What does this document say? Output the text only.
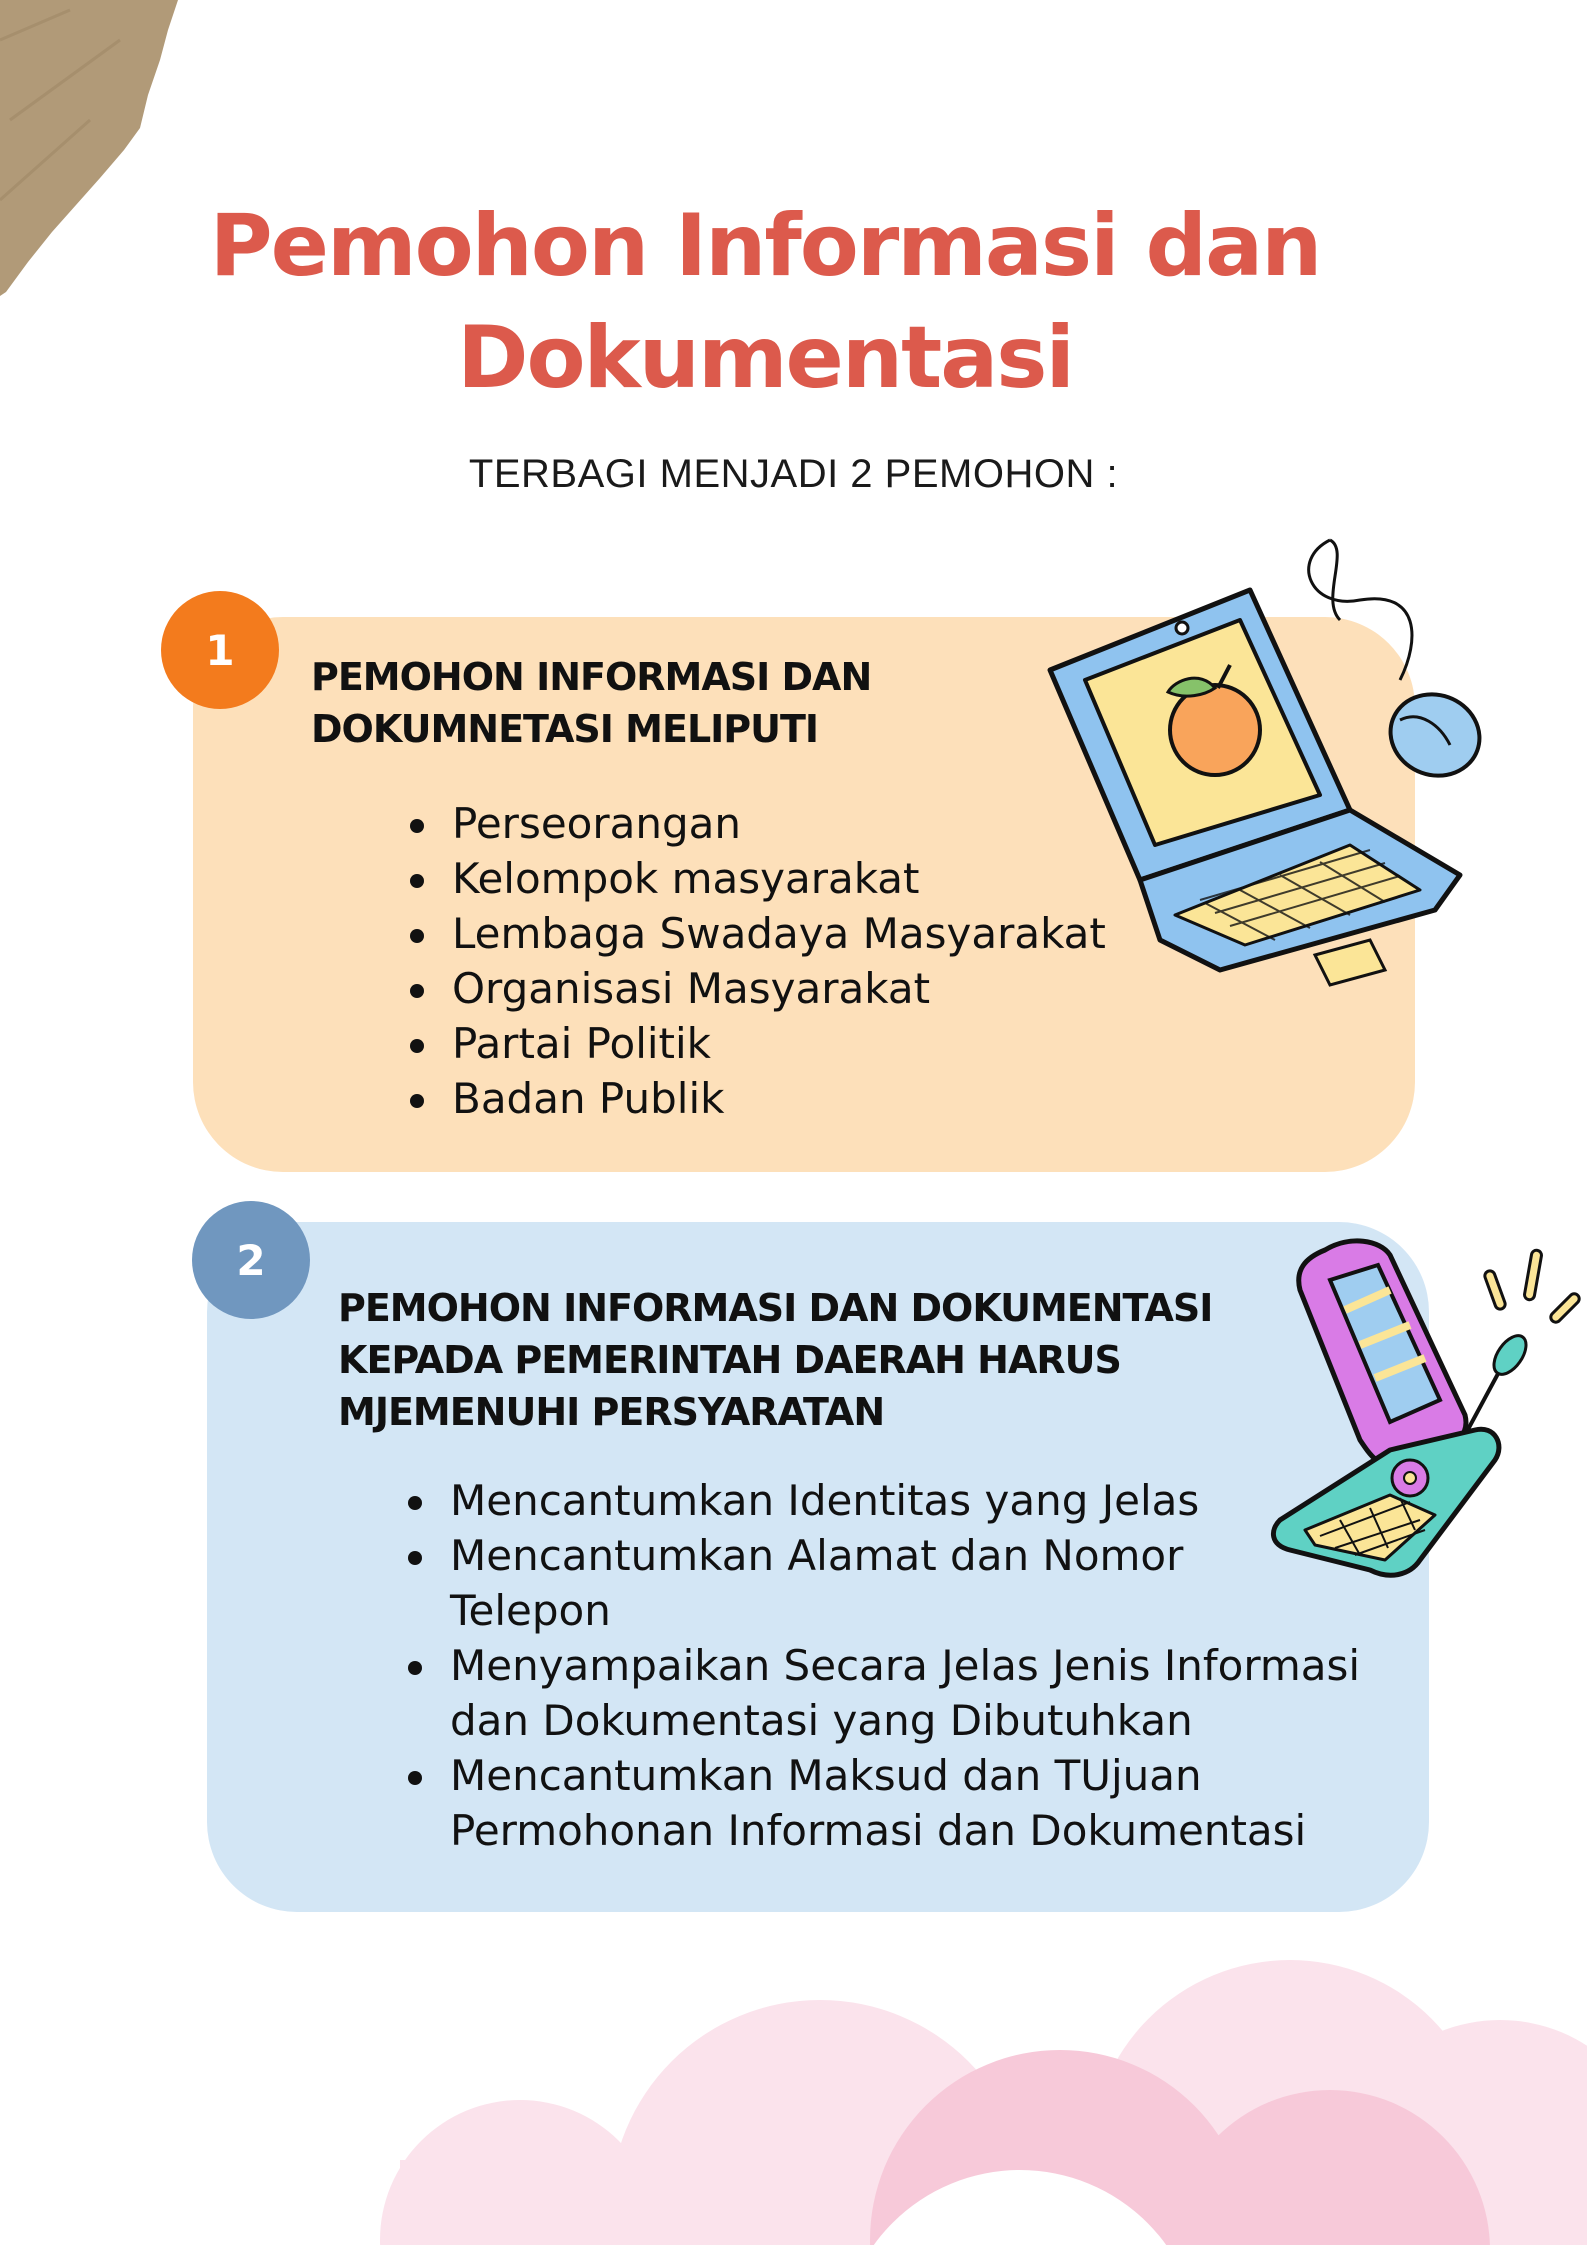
Pemohon Informasi dan
Dokumentasi
TERBAGI MENJADI 2 PEMOHON :
1
PEMOHON INFORMASI DAN
DOKUMNETASI MELIPUTI
Perseorangan
Kelompok masyarakat
Lembaga Swadaya Masyarakat
Organisasi Masyarakat
Partai Politik
Badan Publik
2
PEMOHON INFORMASI DAN DOKUMENTASI
KEPADA PEMERINTAH DAERAH HARUS
MJEMENUHI PERSYARATAN
Mencantumkan Identitas yang Jelas
Mencantumkan Alamat dan Nomor Telepon
Menyampaikan Secara Jelas Jenis Informasi dan Dokumentasi yang Dibutuhkan
Mencantumkan Maksud dan TUjuan Permohonan Informasi dan Dokumentasi
